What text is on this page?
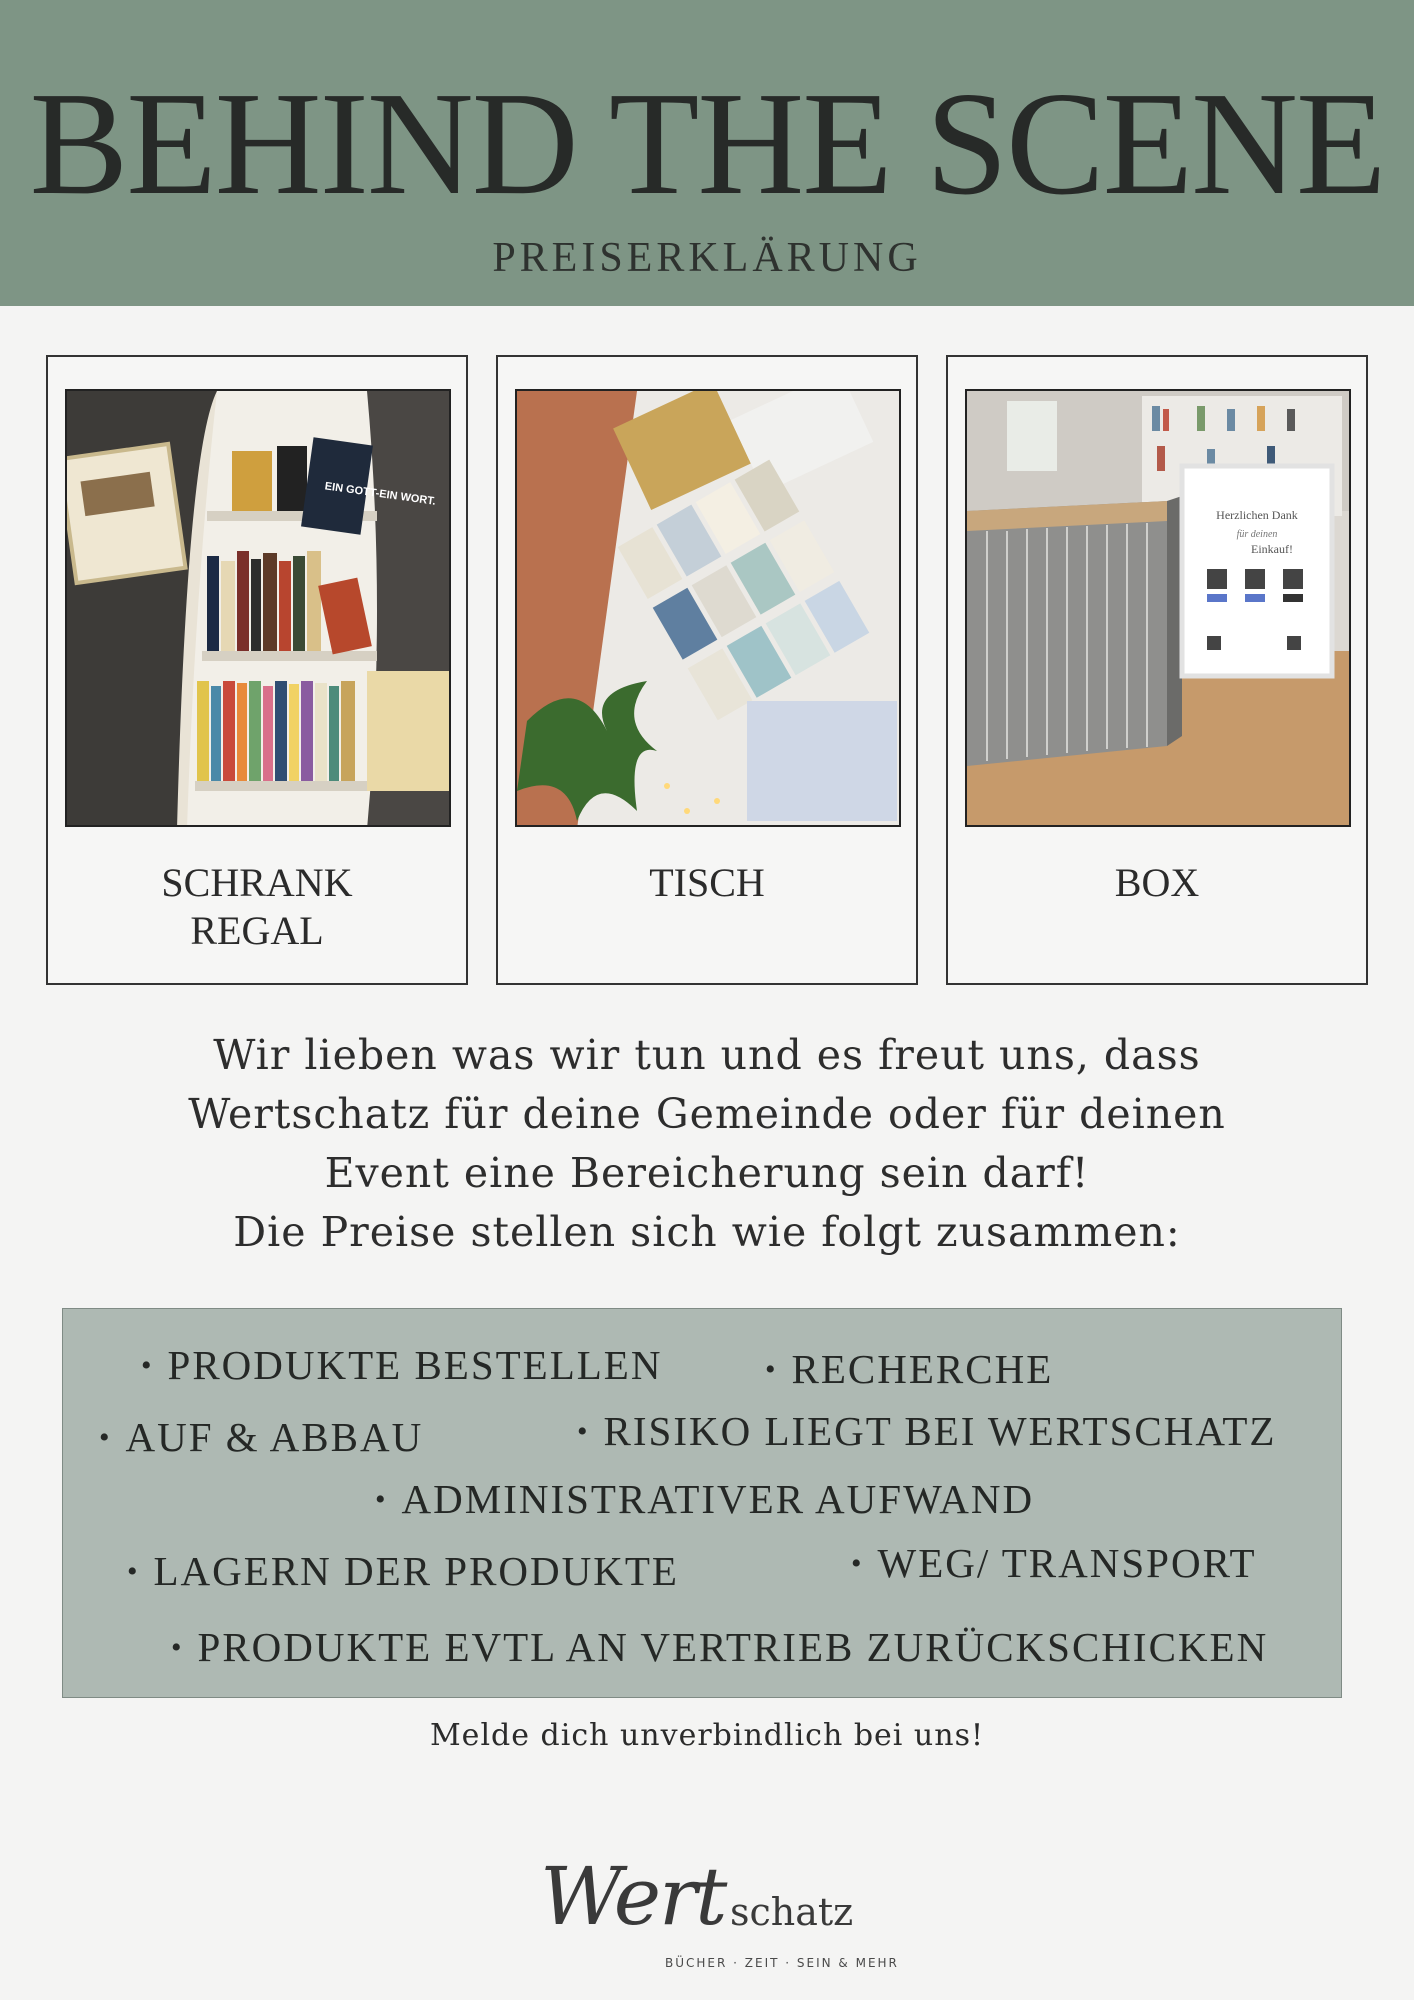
BEHIND THE SCENE
PREISERKLÄRUNG
EIN GOTT-EIN WORT.
SCHRANK
REGAL
TISCH
Herzlichen Dank
für deinen
Einkauf!
BOX
Wir lieben was wir tun und es freut uns, dass
Wertschatz für deine Gemeinde oder für deinen
Event eine Bereicherung sein darf!
Die Preise stellen sich wie folgt zusammen:
• PRODUKTE BESTELLEN	• RECHERCHE
• AUF & ABBAU	• RISIKO LIEGT BEI WERTSCHATZ
• ADMINISTRATIVER AUFWAND
• LAGERN DER PRODUKTE	• WEG/ TRANSPORT
• PRODUKTE EVTL AN VERTRIEB ZURÜCKSCHICKEN
Melde dich unverbindlich bei uns!
Wert schatz
BÜCHER · ZEIT · SEIN & MEHR
